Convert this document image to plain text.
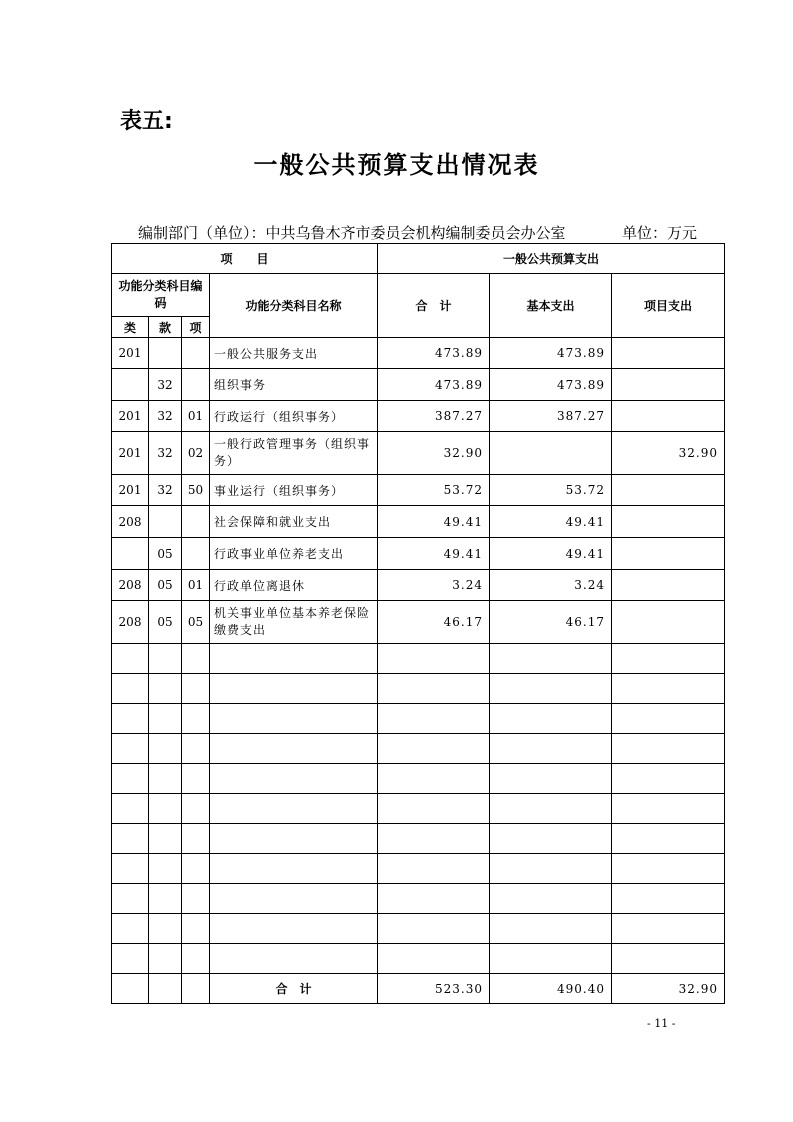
表五:
一般公共预算支出情况表
编制部门（单位）：中共乌鲁木齐市委员会机构编制委员会办公室	单位：万元
项　　目				一般公共预算支出		
功能分类科目编码			功能分类科目名称	合　计	基本支出	项目支出
类	款	项				
201			一般公共服务支出	473.89	473.89	
	32		组织事务	473.89	473.89	
201	32	01	行政运行（组织事务）	387.27	387.27	
201	32	02	一般行政管理事务（组织事务）	32.90		32.90
201	32	50	事业运行（组织事务）	53.72	53.72	
208			社会保障和就业支出	49.41	49.41	
	05		行政事业单位养老支出	49.41	49.41	
208	05	01	行政单位离退休	3.24	3.24	
208	05	05	机关事业单位基本养老保险缴费支出	46.17	46.17	

			合　计	523.30	490.40	32.90
- 11 -
